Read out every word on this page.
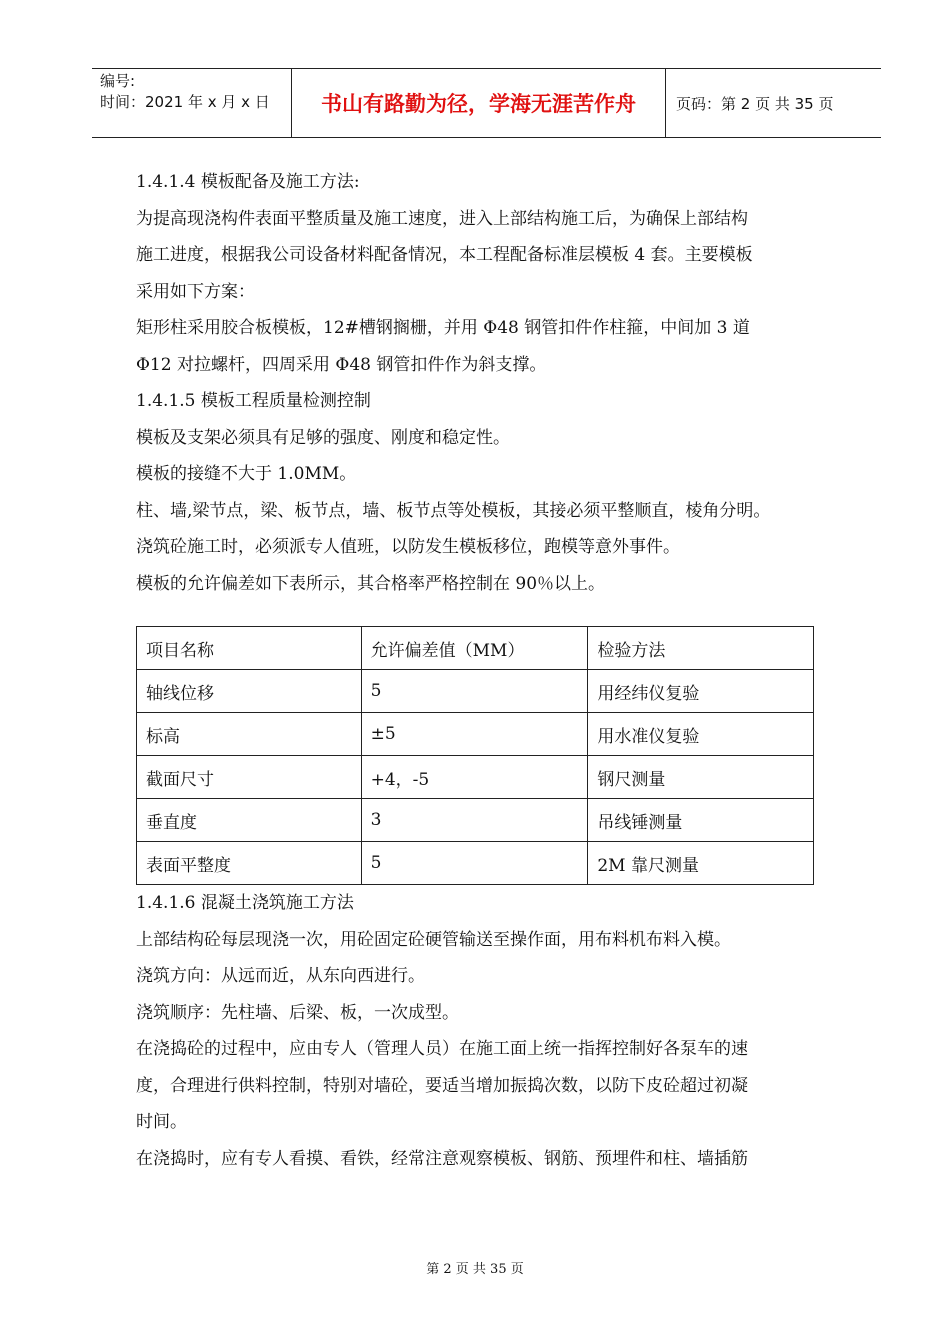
编号:
时间：2021 年 x 月 x 日	书山有路勤为径，学海无涯苦作舟	页码：第 2 页 共 35 页
1.4.1.4 模板配备及施工方法:
为提高现浇构件表面平整质量及施工速度，进入上部结构施工后，为确保上部结构
施工进度，根据我公司设备材料配备情况，本工程配备标准层模板 4 套。主要模板
采用如下方案：
矩形柱采用胶合板模板，12#槽钢搁栅，并用 Φ48 钢管扣件作柱箍，中间加 3 道
Φ12 对拉螺杆，四周采用 Φ48 钢管扣件作为斜支撑。
1.4.1.5 模板工程质量检测控制
模板及支架必须具有足够的强度、刚度和稳定性。
模板的接缝不大于 1.0MM。
柱、墙,梁节点，梁、板节点，墙、板节点等处模板，其接必须平整顺直，棱角分明。
浇筑砼施工时，必须派专人值班，以防发生模板移位，跑模等意外事件。
模板的允许偏差如下表所示，其合格率严格控制在 90％以上。
项目名称	允许偏差值（MM）	检验方法
轴线位移	5	用经纬仪复验
标高	±5	用水准仪复验
截面尺寸	+4，-5	钢尺测量
垂直度	3	吊线锤测量
表面平整度	5	2M 靠尺测量
1.4.1.6 混凝土浇筑施工方法
上部结构砼每层现浇一次，用砼固定砼硬管输送至操作面，用布料机布料入模。
浇筑方向：从远而近，从东向西进行。
浇筑顺序：先柱墙、后梁、板，一次成型。
在浇捣砼的过程中，应由专人（管理人员）在施工面上统一指挥控制好各泵车的速
度，合理进行供料控制，特别对墙砼，要适当增加振捣次数，以防下皮砼超过初凝
时间。
在浇捣时，应有专人看摸、看铁，经常注意观察模板、钢筋、预埋件和柱、墙插筋
第 2 页 共 35 页
